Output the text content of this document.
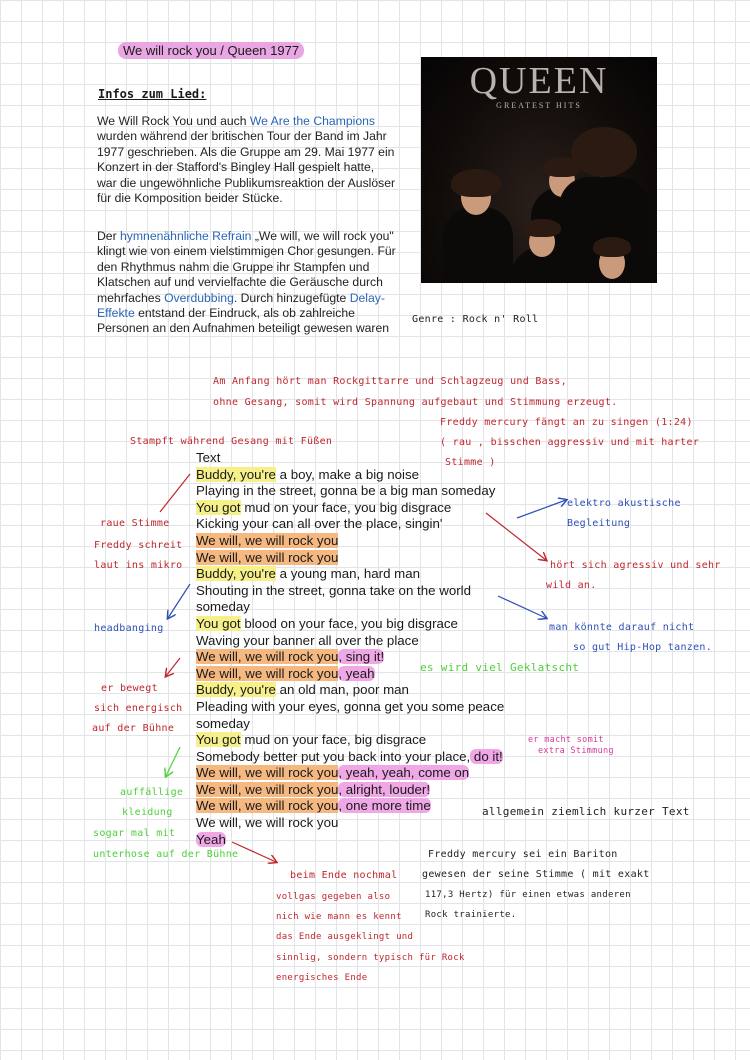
We will rock you / Queen 1977
Infos zum Lied:

We Will Rock You und auch We Are the Champions wurden während der britischen Tour der Band im Jahr 1977 geschrieben. Als die Gruppe am 29. Mai 1977 ein Konzert in der Stafford's Bingley Hall gespielt hatte, war die ungewöhnliche Publikumsreaktion der Auslöser für die Komposition beider Stücke.

Der hymnenähnliche Refrain „We will, we will rock you" klingt wie von einem vielstimmigen Chor gesungen. Für den Rhythmus nahm die Gruppe ihr Stampfen und Klatschen auf und vervielfachte die Geräusche durch mehrfaches Overdubbing. Durch hinzugefügte Delay-Effekte entstand der Eindruck, als ob zahlreiche Personen an den Aufnahmen beteiligt gewesen waren

QUEEN
GREATEST HITS
Genre : Rock n' Roll
Text
Buddy, you're a boy, make a big noise
Playing in the street, gonna be a big man someday
You got mud on your face, you big disgrace
Kicking your can all over the place, singin'
We will, we will rock you
We will, we will rock you
Buddy, you're a young man, hard man
Shouting in the street, gonna take on the world
someday
You got blood on your face, you big disgrace
Waving your banner all over the place
We will, we will rock you, sing it!
We will, we will rock you, yeah
Buddy, you're an old man, poor man
Pleading with your eyes, gonna get you some peace
someday
You got mud on your face, big disgrace
Somebody better put you back into your place, do it!
We will, we will rock you, yeah, yeah, come on
We will, we will rock you, alright, louder!
We will, we will rock you, one more time
We will, we will rock you
Yeah
Am Anfang hört man Rockgittarre und Schlagzeug und Bass,
ohne Gesang, somit wird Spannung aufgebaut und Stimmung erzeugt.
Freddy mercury fängt an zu singen (1:24)
( rau , bisschen aggressiv und mit harter
Stimme )
Stampft während Gesang mit Füßen
raue Stimme
Freddy schreit
laut ins mikro
elektro akustische
Begleitung
hört sich agressiv und sehr
wild an.
headbanging	man könnte darauf nicht
so gut Hip-Hop tanzen.
es wird viel Geklatscht
er bewegt
sich energisch
auf der Bühne
er macht somit
extra Stimmung
allgemein ziemlich kurzer Text
auffällige
kleidung
sogar mal mit
unterhose auf der Bühne	Freddy mercury sei ein Bariton
gewesen der seine Stimme ( mit exakt
117,3 Hertz) für einen etwas anderen
Rock trainierte.
beim Ende nochmal
vollgas gegeben also
nich wie mann es kennt
das Ende ausgeklingt und
sinnlig, sondern typisch für Rock
energisches Ende
